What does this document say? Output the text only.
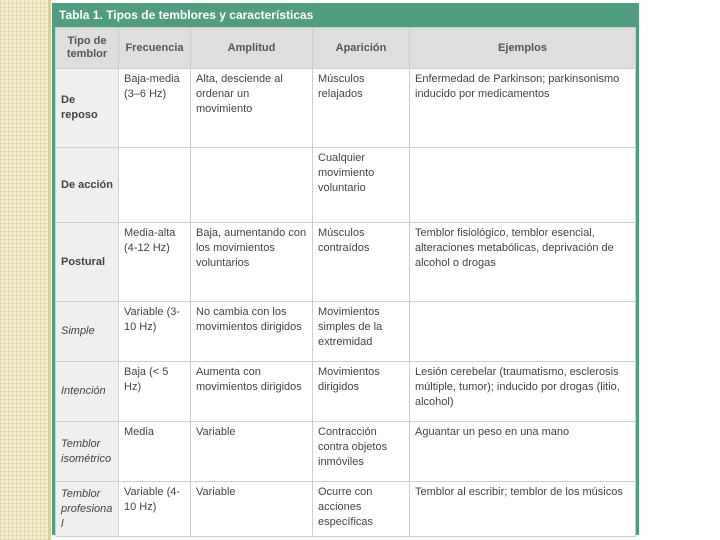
Tabla 1. Tipos de temblores y características
Tipo de temblor	Frecuencia	Amplitud	Aparición	Ejemplos
De reposo	Baja-media (3–6 Hz)	Alta, desciende al ordenar un movimiento	Músculos relajados	Enfermedad de Parkinson; parkinsonismo inducido por medicamentos
De acción			Cualquier movimiento voluntario	
Postural	Media-alta (4-12 Hz)	Baja, aumentando con los movimientos voluntarios	Músculos contraídos	Temblor fisiológico, temblor esencial, alteraciones metabólicas, deprivación de alcohol o drogas
Simple	Variable (3-10 Hz)	No cambia con los movimientos dirigidos	Movimientos simples de la extremidad	
Intención	Baja (< 5 Hz)	Aumenta con movimientos dirigidos	Movimientos dirigidos	Lesión cerebelar (traumatismo, esclerosis múltiple, tumor); inducido por drogas (litio, alcohol)
Temblor isométrico	Media	Variable	Contracción contra objetos inmóviles	Aguantar un peso en una mano
Temblor profesional	Variable (4-10 Hz)	Variable	Ocurre con acciones específicas	Temblor al escribir; temblor de los músicos
